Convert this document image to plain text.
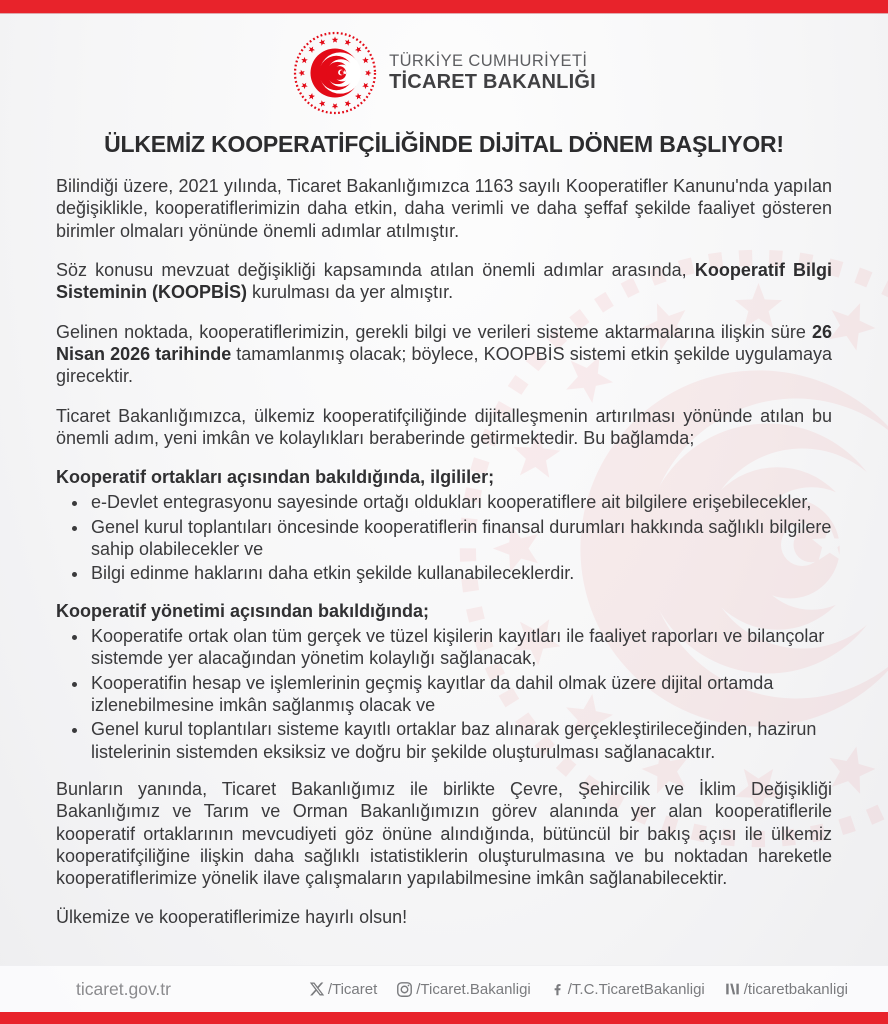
TÜRKİYE CUMHURİYETİ
TİCARET BAKANLIĞI
ÜLKEMİZ KOOPERATİFÇİLİĞİNDE DİJİTAL DÖNEM BAŞLIYOR!

Bilindiği üzere, 2021 yılında, Ticaret Bakanlığımızca 1163 sayılı Kooperatifler Kanunu'nda yapılan değişiklikle, kooperatiflerimizin daha etkin, daha verimli ve daha şeffaf şekilde faaliyet gösteren birimler olmaları yönünde önemli adımlar atılmıştır.

Söz konusu mevzuat değişikliği kapsamında atılan önemli adımlar arasında, Kooperatif Bilgi Sisteminin (KOOPBİS) kurulması da yer almıştır.

Gelinen noktada, kooperatiflerimizin, gerekli bilgi ve verileri sisteme aktarmalarına ilişkin süre 26 Nisan 2026 tarihinde tamamlanmış olacak; böylece, KOOPBİS sistemi etkin şekilde uygulamaya girecektir.

Ticaret Bakanlığımızca, ülkemiz kooperatifçiliğinde dijitalleşmenin artırılması yönünde atılan bu önemli adım, yeni imkân ve kolaylıkları beraberinde getirmektedir. Bu bağlamda;

Kooperatif ortakları açısından bakıldığında, ilgililer;
• e-Devlet entegrasyonu sayesinde ortağı oldukları kooperatiflere ait bilgilere erişebilecekler,
• Genel kurul toplantıları öncesinde kooperatiflerin finansal durumları hakkında sağlıklı bilgilere sahip olabilecekler ve
• Bilgi edinme haklarını daha etkin şekilde kullanabileceklerdir.
Kooperatif yönetimi açısından bakıldığında;
• Kooperatife ortak olan tüm gerçek ve tüzel kişilerin kayıtları ile faaliyet raporları ve bilançolar sistemde yer alacağından yönetim kolaylığı sağlanacak,
• Kooperatifin hesap ve işlemlerinin geçmiş kayıtlar da dahil olmak üzere dijital ortamda izlenebilmesine imkân sağlanmış olacak ve
• Genel kurul toplantıları sisteme kayıtlı ortaklar baz alınarak gerçekleştirileceğinden, hazirun listelerinin sistemden eksiksiz ve doğru bir şekilde oluşturulması sağlanacaktır.

Bunların yanında, Ticaret Bakanlığımız ile birlikte Çevre, Şehircilik ve İklim Değişikliği Bakanlığımız ve Tarım ve Orman Bakanlığımızın görev alanında yer alan kooperatiflerile kooperatif ortaklarının mevcudiyeti göz önüne alındığında, bütüncül bir bakış açısı ile ülkemiz kooperatifçiliğine ilişkin daha sağlıklı istatistiklerin oluşturulmasına ve bu noktadan hareketle kooperatiflerimize yönelik ilave çalışmaların yapılabilmesine imkân sağlanabilecektir.

Ülkemize ve kooperatiflerimize hayırlı olsun!

ticaret.gov.tr	/Ticaret	/Ticaret.Bakanligi /T.C.TicaretBakanligi	/ticaretbakanligi
